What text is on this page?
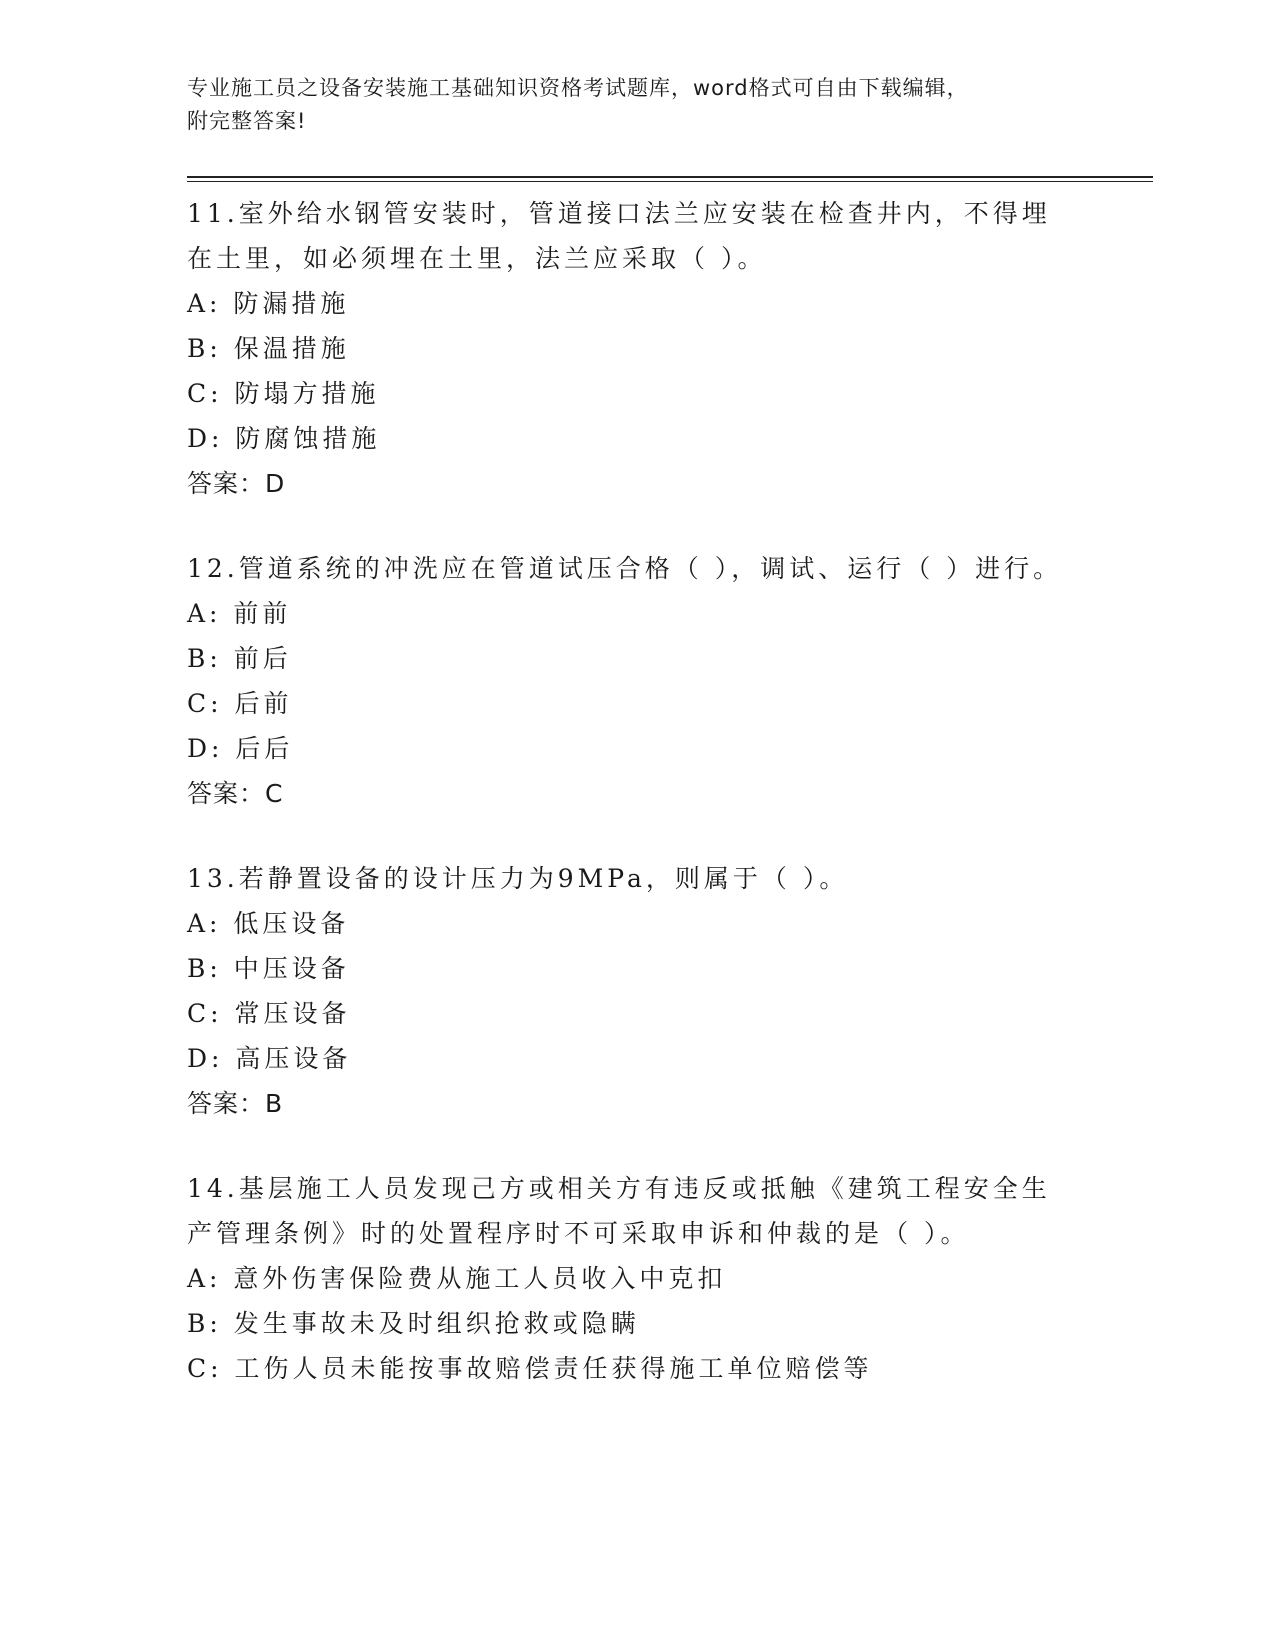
专业施工员之设备安装施工基础知识资格考试题库，word格式可自由下载编辑，
附完整答案!

11.室外给水钢管安装时，管道接口法兰应安装在检查井内，不得埋在土里，如必须埋在土里，法兰应采取（ ）。

A: 防漏措施
B: 保温措施
C: 防塌方措施
D: 防腐蚀措施
答案：D

12.管道系统的冲洗应在管道试压合格（ ），调试、运行（ ）进行。

A: 前前
B: 前后
C: 后前
D: 后后
答案：C

13.若静置设备的设计压力为9MPa，则属于（ ）。

A: 低压设备
B: 中压设备
C: 常压设备
D: 高压设备
答案：B

14.基层施工人员发现己方或相关方有违反或抵触《建筑工程安全生产管理条例》时的处置程序时不可采取申诉和仲裁的是（ ）。

A: 意外伤害保险费从施工人员收入中克扣
B: 发生事故未及时组织抢救或隐瞒
C: 工伤人员未能按事故赔偿责任获得施工单位赔偿等
